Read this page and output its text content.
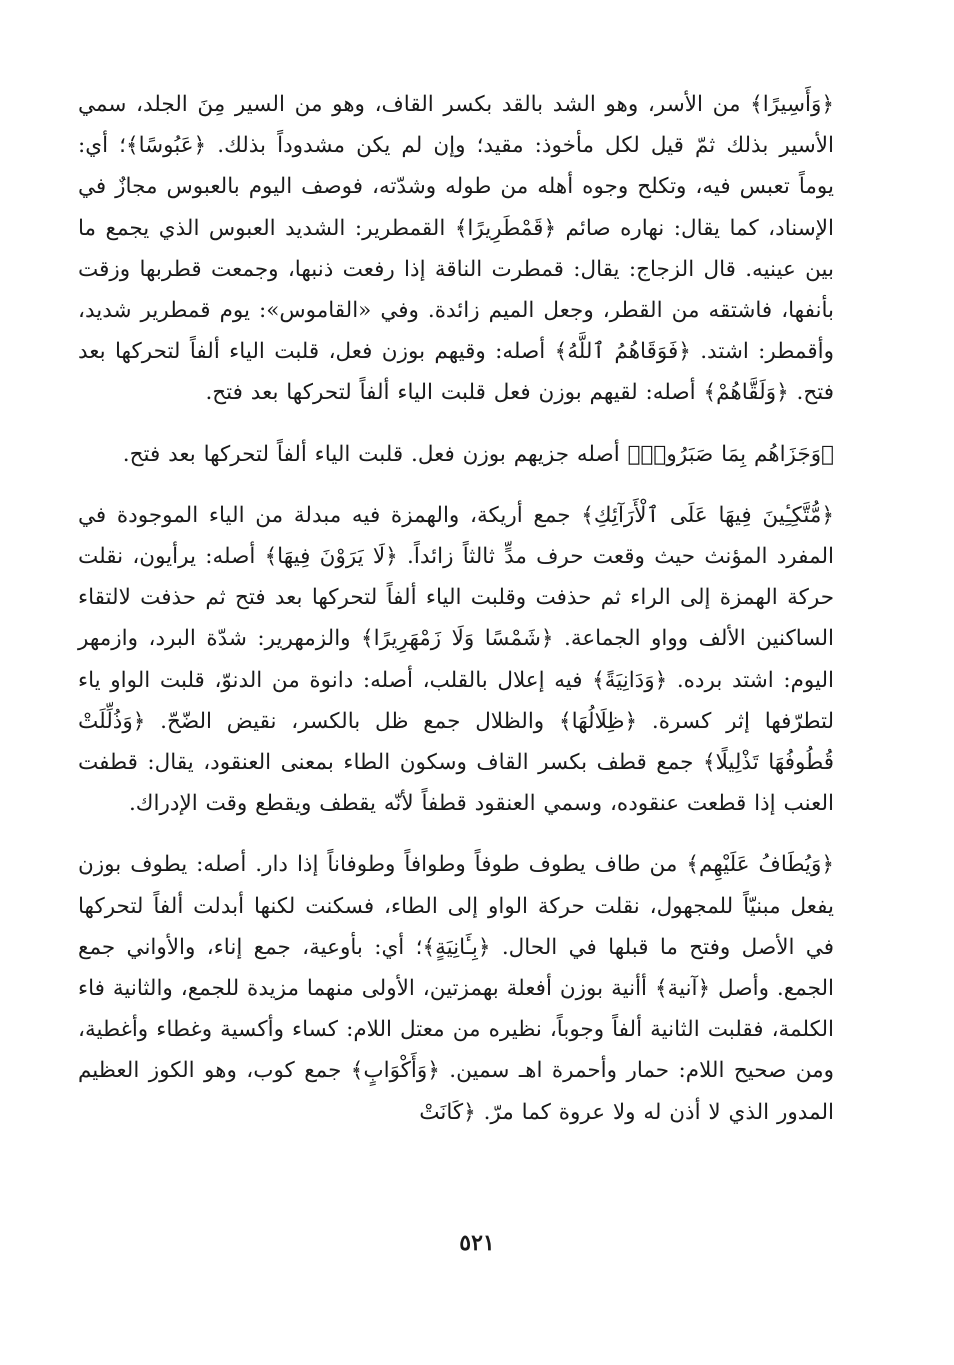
﴿وَأَسِيرًا﴾ من الأسر، وهو الشد بالقد بكسر القاف، وهو من السير مِنَ الجلد، سمي الأسير بذلك ثمّ قيل لكل مأخوذ: مقيد؛ وإن لم يكن مشدوداً بذلك. ﴿عَبُوسًا﴾؛ أي: يوماً تعبس فيه، وتكلح وجوه أهله من طوله وشدّته، فوصف اليوم بالعبوس مجازٌ في الإسناد، كما يقال: نهاره صائم ﴿قَمْطَرِيرًا﴾ القمطرير: الشديد العبوس الذي يجمع ما بين عينيه. قال الزجاج: يقال: قمطرت الناقة إذا رفعت ذنبها، وجمعت قطربها وزقت بأنفها، فاشتقه من القطر، وجعل الميم زائدة. وفي «القاموس»: يوم قمطرير شديد، وأقمطر: اشتد. ﴿فَوَقَاهُمُ ٱللَّهُ﴾ أصله: وقيهم بوزن فعل، قلبت الياء ألفاً لتحركها بعد فتح. ﴿وَلَقَّاهُمْ﴾ أصله: لقيهم بوزن فعل قلبت الياء ألفاً لتحركها بعد فتح.

﴿وَجَزَاهُم بِمَا صَبَرُوا۟﴾ أصله جزيهم بوزن فعل. قلبت الياء ألفاً لتحركها بعد فتح.

﴿مُّتَّكِـِٔينَ فِيهَا عَلَى ٱلْأَرَآئِكِ﴾ جمع أريكة، والهمزة فيه مبدلة من الياء الموجودة في المفرد المؤنث حيث وقعت حرف مدٍّ ثالثاً زائداً. ﴿لَا يَرَوْنَ فِيهَا﴾ أصله: يرأيون، نقلت حركة الهمزة إلى الراء ثم حذفت وقلبت الياء ألفاً لتحركها بعد فتح ثم حذفت لالتقاء الساكنين الألف وواو الجماعة. ﴿شَمْسًا وَلَا زَمْهَرِيرًا﴾ والزمهرير: شدّة البرد، وازمهر اليوم: اشتد برده. ﴿وَدَانِيَةً﴾ فيه إعلال بالقلب، أصله: دانوة من الدنوّ، قلبت الواو ياء لتطرّفها إثر كسرة. ﴿ظِلَالُهَا﴾ والظلال جمع ظل بالكسر، نقيض الضّحّ. ﴿وَذُلِّلَتْ قُطُوفُهَا تَذْلِيلًا﴾ جمع قطف بكسر القاف وسكون الطاء بمعنى العنقود، يقال: قطفت العنب إذا قطعت عنقوده، وسمي العنقود قطفاً لأنّه يقطف ويقطع وقت الإدراك.

﴿وَيُطَافُ عَلَيْهِم﴾ من طاف يطوف طوفاً وطوافاً وطوفاناً إذا دار. أصله: يطوف بوزن يفعل مبنيّاً للمجهول، نقلت حركة الواو إلى الطاء، فسكنت لكنها أبدلت ألفاً لتحركها في الأصل وفتح ما قبلها في الحال. ﴿بِـَٔانِيَةٍ﴾؛ أي: بأوعية، جمع إناء، والأواني جمع الجمع. وأصل ﴿آنية﴾ أأنية بوزن أفعلة بهمزتين، الأولى منهما مزيدة للجمع، والثانية فاء الكلمة، فقلبت الثانية ألفاً وجوباً، نظيره من معتل اللام: كساء وأكسية وغطاء وأغطية، ومن صحيح اللام: حمار وأحمرة اهـ سمين. ﴿وَأَكْوَابٍ﴾ جمع كوب، وهو الكوز العظيم المدور الذي لا أذن له ولا عروة كما مرّ. ﴿كَانَتْ

٥٢١
